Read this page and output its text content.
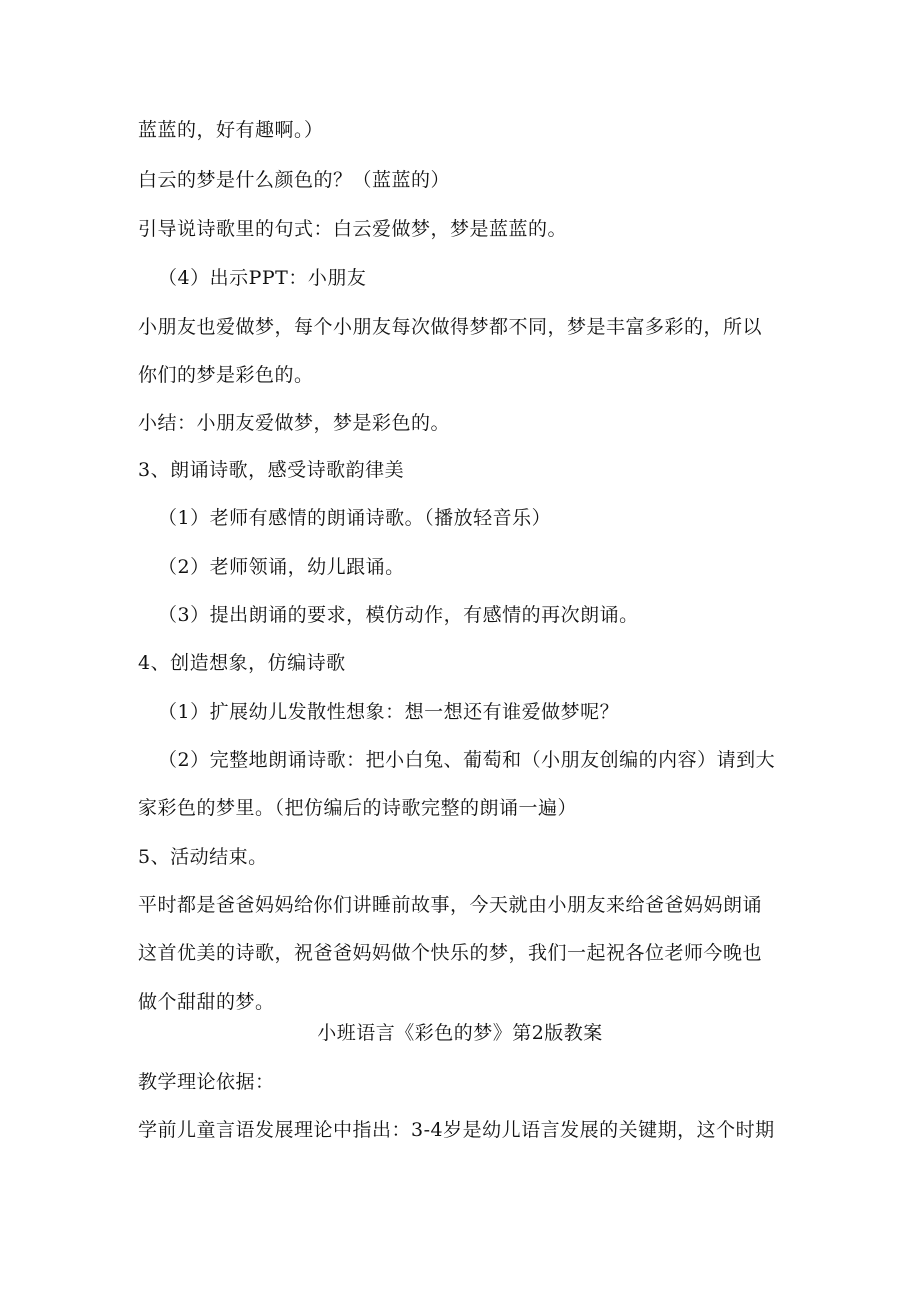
蓝蓝的，好有趣啊。）
白云的梦是什么颜色的？（蓝蓝的）
引导说诗歌里的句式：白云爱做梦，梦是蓝蓝的。
（4）出示PPT：小朋友
小朋友也爱做梦，每个小朋友每次做得梦都不同，梦是丰富多彩的，所以
你们的梦是彩色的。
小结：小朋友爱做梦，梦是彩色的。
3、朗诵诗歌，感受诗歌韵律美
（1）老师有感情的朗诵诗歌。（播放轻音乐）
（2）老师领诵，幼儿跟诵。
（3）提出朗诵的要求，模仿动作，有感情的再次朗诵。
4、创造想象，仿编诗歌
（1）扩展幼儿发散性想象：想一想还有谁爱做梦呢？
（2）完整地朗诵诗歌：把小白兔、葡萄和（小朋友创编的内容）请到大
家彩色的梦里。（把仿编后的诗歌完整的朗诵一遍）
5、活动结束。
平时都是爸爸妈妈给你们讲睡前故事，今天就由小朋友来给爸爸妈妈朗诵
这首优美的诗歌，祝爸爸妈妈做个快乐的梦，我们一起祝各位老师今晚也
做个甜甜的梦。
小班语言《彩色的梦》第2版教案
教学理论依据：
学前儿童言语发展理论中指出：3-4岁是幼儿语言发展的关键期，这个时期
